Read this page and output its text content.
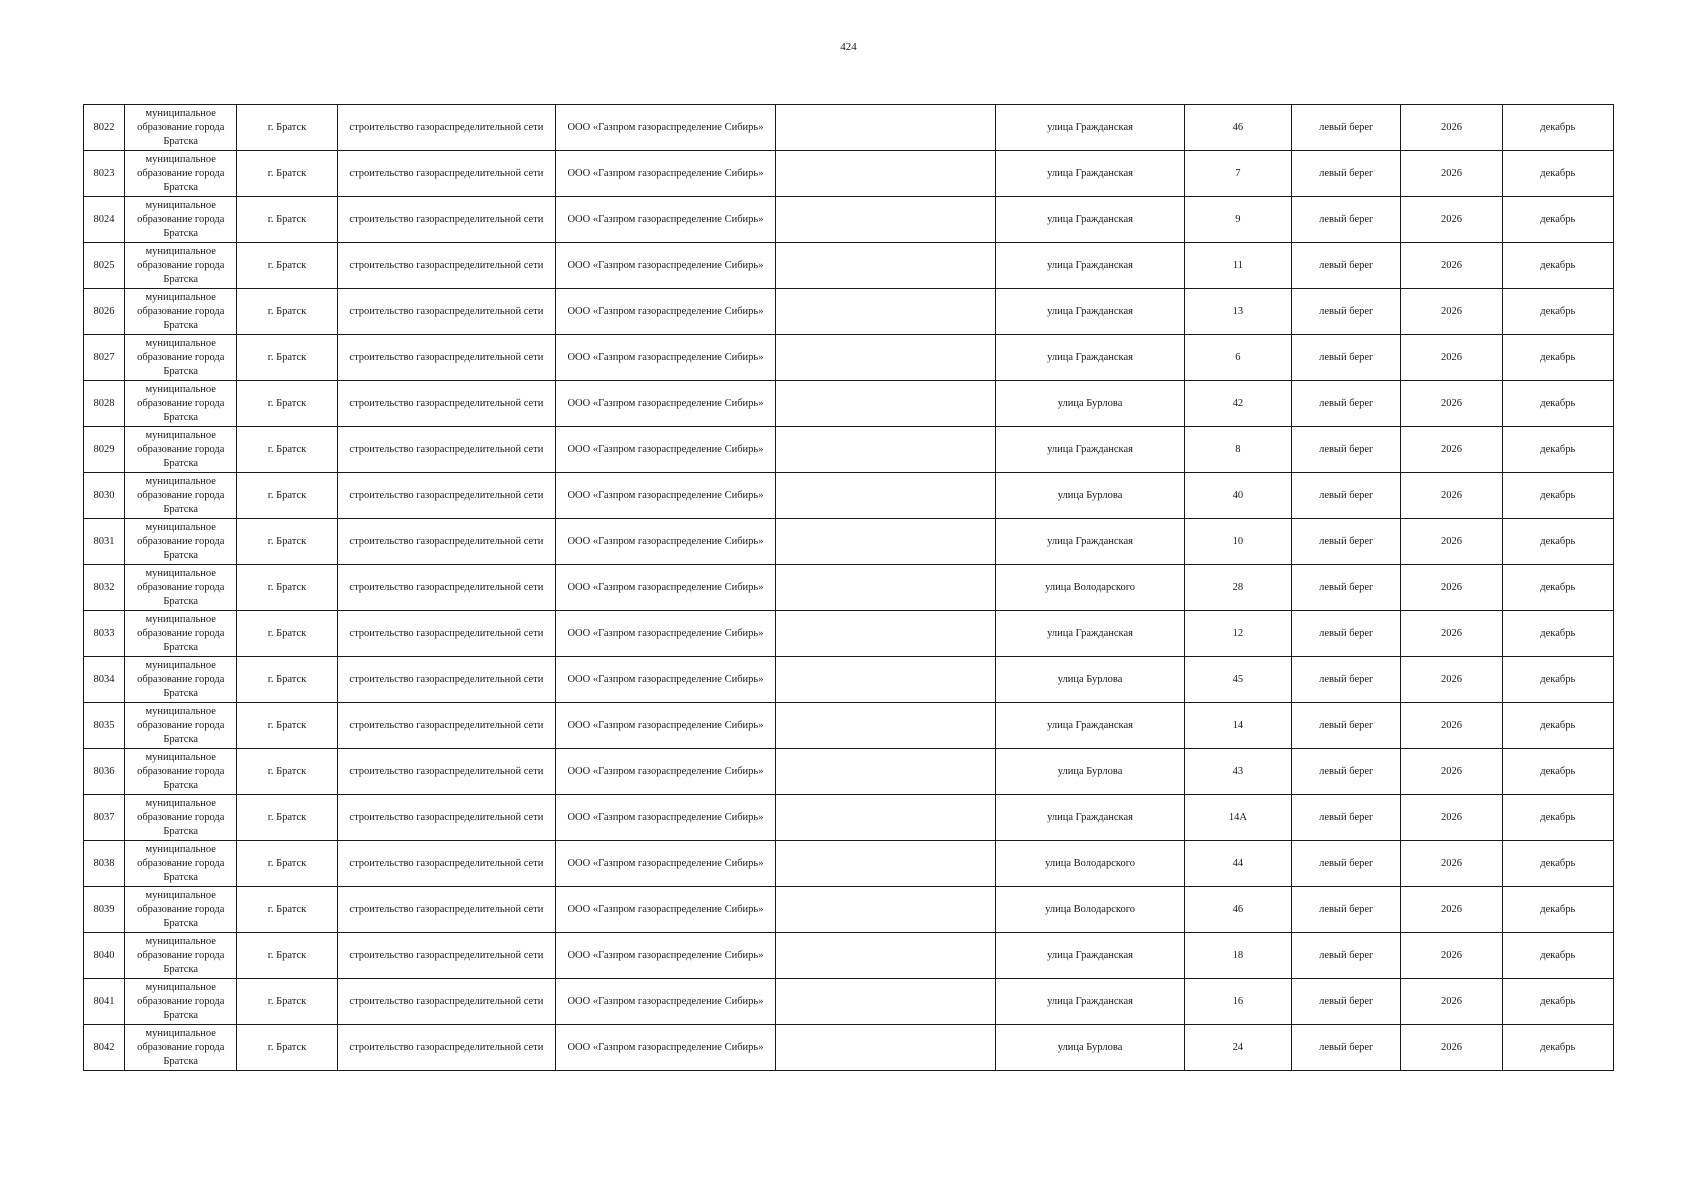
424
8022	муниципальное образование города Братска	г. Братск	строительство газораспределительной сети	ООО «Газпром газораспределение Сибирь»		улица Гражданская	46	левый берег	2026	декабрь
8023	муниципальное образование города Братска	г. Братск	строительство газораспределительной сети	ООО «Газпром газораспределение Сибирь»		улица Гражданская	7	левый берег	2026	декабрь
8024	муниципальное образование города Братска	г. Братск	строительство газораспределительной сети	ООО «Газпром газораспределение Сибирь»		улица Гражданская	9	левый берег	2026	декабрь
8025	муниципальное образование города Братска	г. Братск	строительство газораспределительной сети	ООО «Газпром газораспределение Сибирь»		улица Гражданская	11	левый берег	2026	декабрь
8026	муниципальное образование города Братска	г. Братск	строительство газораспределительной сети	ООО «Газпром газораспределение Сибирь»		улица Гражданская	13	левый берег	2026	декабрь
8027	муниципальное образование города Братска	г. Братск	строительство газораспределительной сети	ООО «Газпром газораспределение Сибирь»		улица Гражданская	6	левый берег	2026	декабрь
8028	муниципальное образование города Братска	г. Братск	строительство газораспределительной сети	ООО «Газпром газораспределение Сибирь»		улица Бурлова	42	левый берег	2026	декабрь
8029	муниципальное образование города Братска	г. Братск	строительство газораспределительной сети	ООО «Газпром газораспределение Сибирь»		улица Гражданская	8	левый берег	2026	декабрь
8030	муниципальное образование города Братска	г. Братск	строительство газораспределительной сети	ООО «Газпром газораспределение Сибирь»		улица Бурлова	40	левый берег	2026	декабрь
8031	муниципальное образование города Братска	г. Братск	строительство газораспределительной сети	ООО «Газпром газораспределение Сибирь»		улица Гражданская	10	левый берег	2026	декабрь
8032	муниципальное образование города Братска	г. Братск	строительство газораспределительной сети	ООО «Газпром газораспределение Сибирь»		улица Володарского	28	левый берег	2026	декабрь
8033	муниципальное образование города Братска	г. Братск	строительство газораспределительной сети	ООО «Газпром газораспределение Сибирь»		улица Гражданская	12	левый берег	2026	декабрь
8034	муниципальное образование города Братска	г. Братск	строительство газораспределительной сети	ООО «Газпром газораспределение Сибирь»		улица Бурлова	45	левый берег	2026	декабрь
8035	муниципальное образование города Братска	г. Братск	строительство газораспределительной сети	ООО «Газпром газораспределение Сибирь»		улица Гражданская	14	левый берег	2026	декабрь
8036	муниципальное образование города Братска	г. Братск	строительство газораспределительной сети	ООО «Газпром газораспределение Сибирь»		улица Бурлова	43	левый берег	2026	декабрь
8037	муниципальное образование города Братска	г. Братск	строительство газораспределительной сети	ООО «Газпром газораспределение Сибирь»		улица Гражданская	14А	левый берег	2026	декабрь
8038	муниципальное образование города Братска	г. Братск	строительство газораспределительной сети	ООО «Газпром газораспределение Сибирь»		улица Володарского	44	левый берег	2026	декабрь
8039	муниципальное образование города Братска	г. Братск	строительство газораспределительной сети	ООО «Газпром газораспределение Сибирь»		улица Володарского	46	левый берег	2026	декабрь
8040	муниципальное образование города Братска	г. Братск	строительство газораспределительной сети	ООО «Газпром газораспределение Сибирь»		улица Гражданская	18	левый берег	2026	декабрь
8041	муниципальное образование города Братска	г. Братск	строительство газораспределительной сети	ООО «Газпром газораспределение Сибирь»		улица Гражданская	16	левый берег	2026	декабрь
8042	муниципальное образование города Братска	г. Братск	строительство газораспределительной сети	ООО «Газпром газораспределение Сибирь»		улица Бурлова	24	левый берег	2026	декабрь
